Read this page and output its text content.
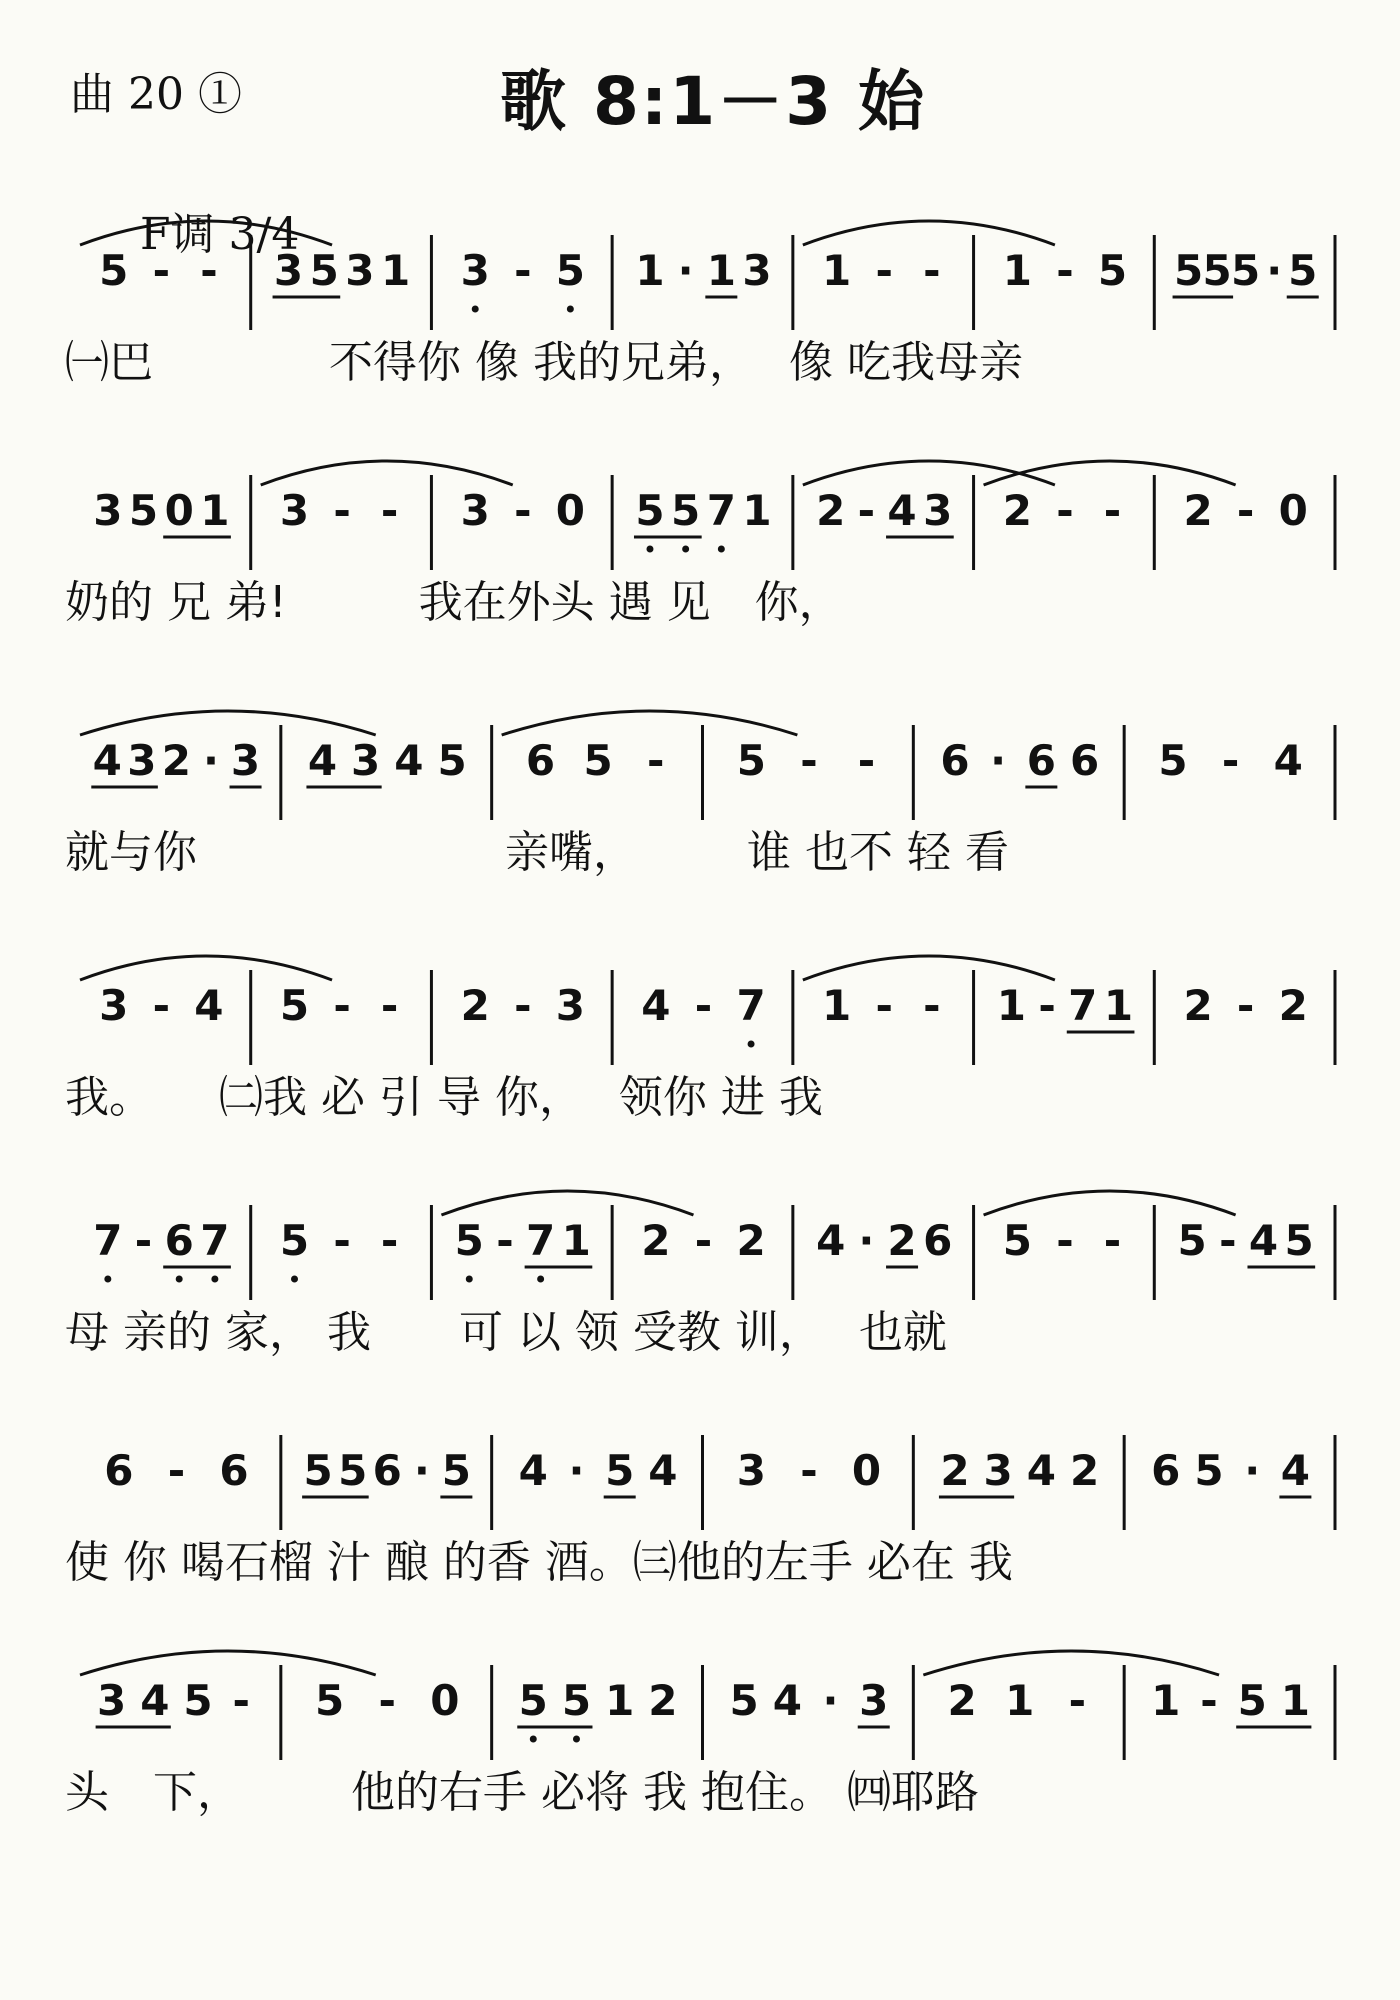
曲 20 ①	歌 8:1－3 始
F调 3/4
5 - - 3 5 3 1 3 - 5 1 · 1 3 1 - - 1 - 5 5 5 5 · 5
㈠巴　　　　不得你 像 我的兄弟，　 像 吃我母亲
3 5 0 1 3 - - 3 - 0 5 5 7 1 2 - 4 3 2 - - 2 - 0
奶的 兄 弟!　　　我在外头 遇 见　你，
4 3 2 · 3 4 3 4 5 6 5 - 5 - - 6 · 6 6 5 - 4
就与你　　　　　　　亲嘴，　　　谁 也不 轻 看
3 - 4 5 - - 2 - 3 4 - 7 1 - - 1 - 7 1 2 - 2
我。　　㈡我 必 引 导 你，　 领你 进 我
7 - 6 7 5 - - 5 - 7 1 2 - 2 4 · 2 6 5 - - 5 - 4 5
母 亲的 家， 我　　可 以 领 受教 训，　 也就
6 - 6 5 5 6 · 5 4 · 5 4 3 - 0 2 3 4 2 6 5 · 4
使 你 喝石榴 汁 酿 的香 酒。㈢他的左手 必在 我
3 4 5 - 5 - 0 5 5 1 2 5 4 · 3 2 1 - 1 - 5 1
头　下，　　　他的右手 必将 我 抱住。 ㈣耶路
